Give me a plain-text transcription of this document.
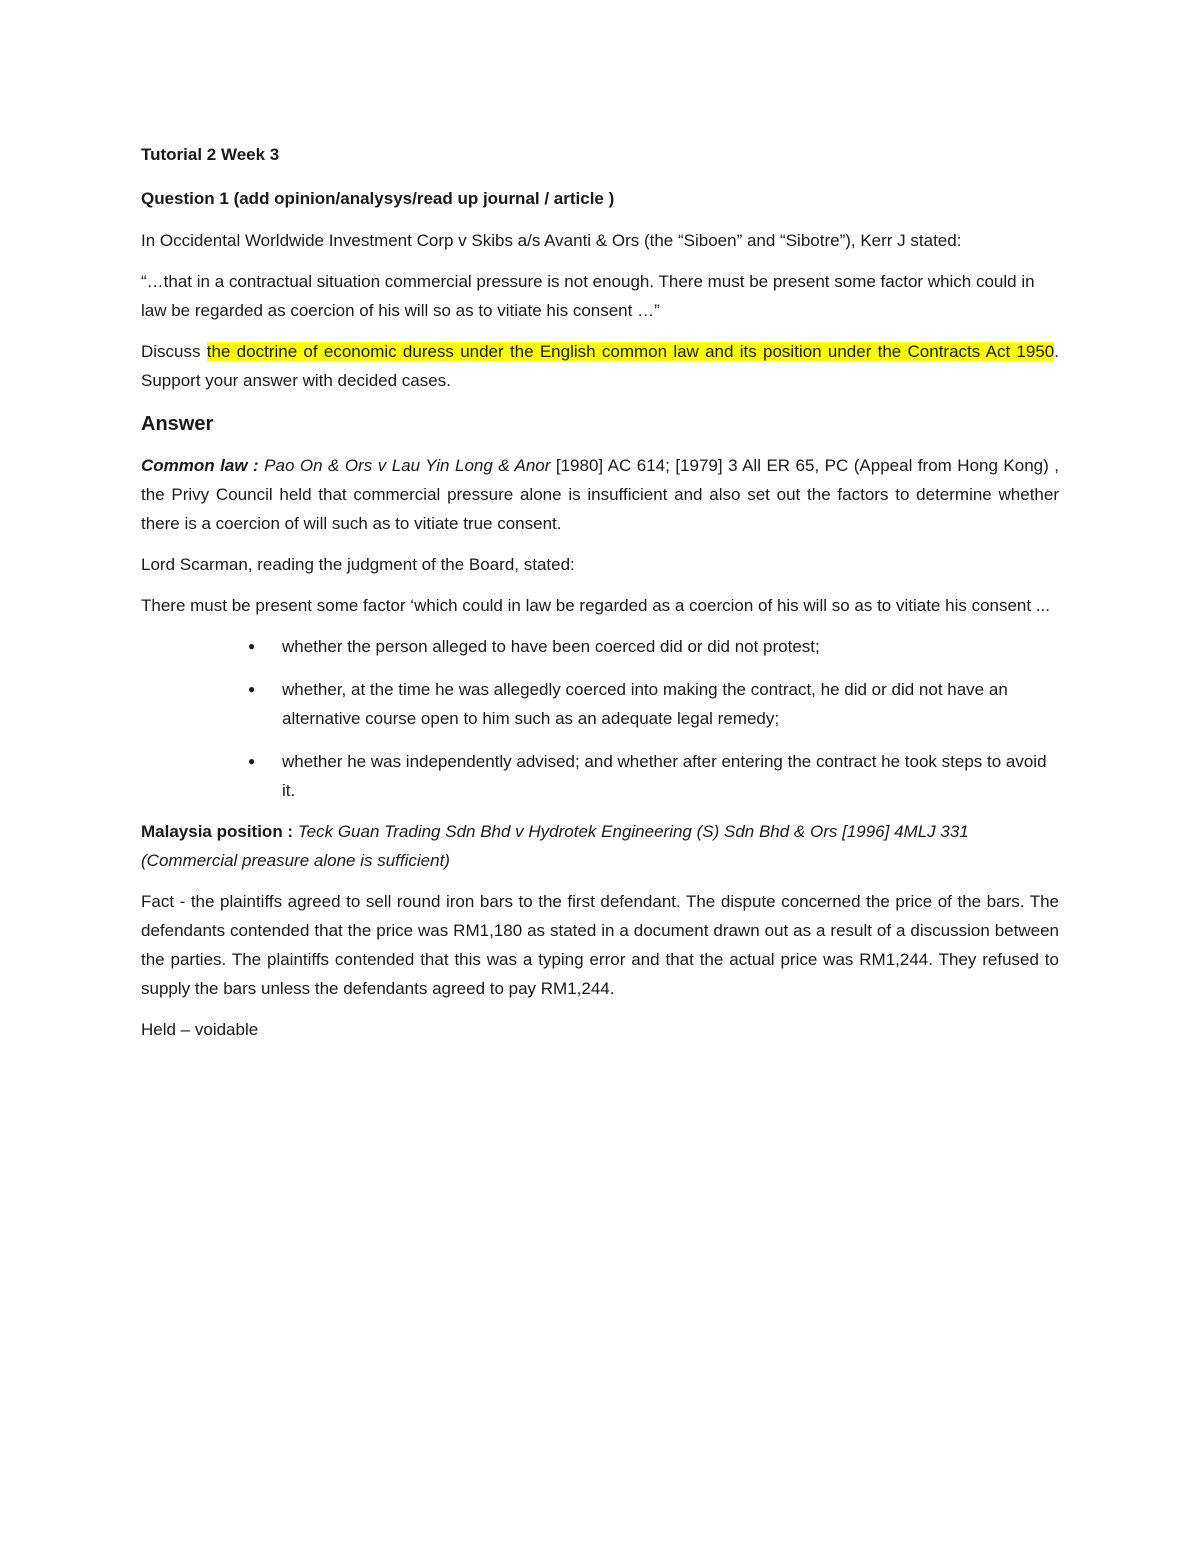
Tutorial 2 Week 3

Question 1 (add opinion/analysys/read up journal / article )

In Occidental Worldwide Investment Corp v Skibs a/s Avanti & Ors (the “Siboen” and “Sibotre”), Kerr J stated:

“…that in a contractual situation commercial pressure is not enough. There must be present some factor which could in law be regarded as coercion of his will so as to vitiate his consent …”

Discuss the doctrine of economic duress under the English common law and its position under the Contracts Act 1950. Support your answer with decided cases.

Answer

Common law : Pao On & Ors v Lau Yin Long & Anor [1980] AC 614; [1979] 3 All ER 65, PC (Appeal from Hong Kong) , the Privy Council held that commercial pressure alone is insufficient and also set out the factors to determine whether there is a coercion of will such as to vitiate true consent.

Lord Scarman, reading the judgment of the Board, stated:

There must be present some factor ‘which could in law be regarded as a coercion of his will so as to vitiate his consent ...

● whether the person alleged to have been coerced did or did not protest;
● whether, at the time he was allegedly coerced into making the contract, he did or did not have an alternative course open to him such as an adequate legal remedy;
● whether he was independently advised; and whether after entering the contract he took steps to avoid it.

Malaysia position : Teck Guan Trading Sdn Bhd v Hydrotek Engineering (S) Sdn Bhd & Ors [1996] 4MLJ 331 (Commercial preasure alone is sufficient)

Fact - the plaintiffs agreed to sell round iron bars to the first defendant. The dispute concerned the price of the bars. The defendants contended that the price was RM1,180 as stated in a document drawn out as a result of a discussion between the parties. The plaintiffs contended that this was a typing error and that the actual price was RM1,244. They refused to supply the bars unless the defendants agreed to pay RM1,244.

Held – voidable
